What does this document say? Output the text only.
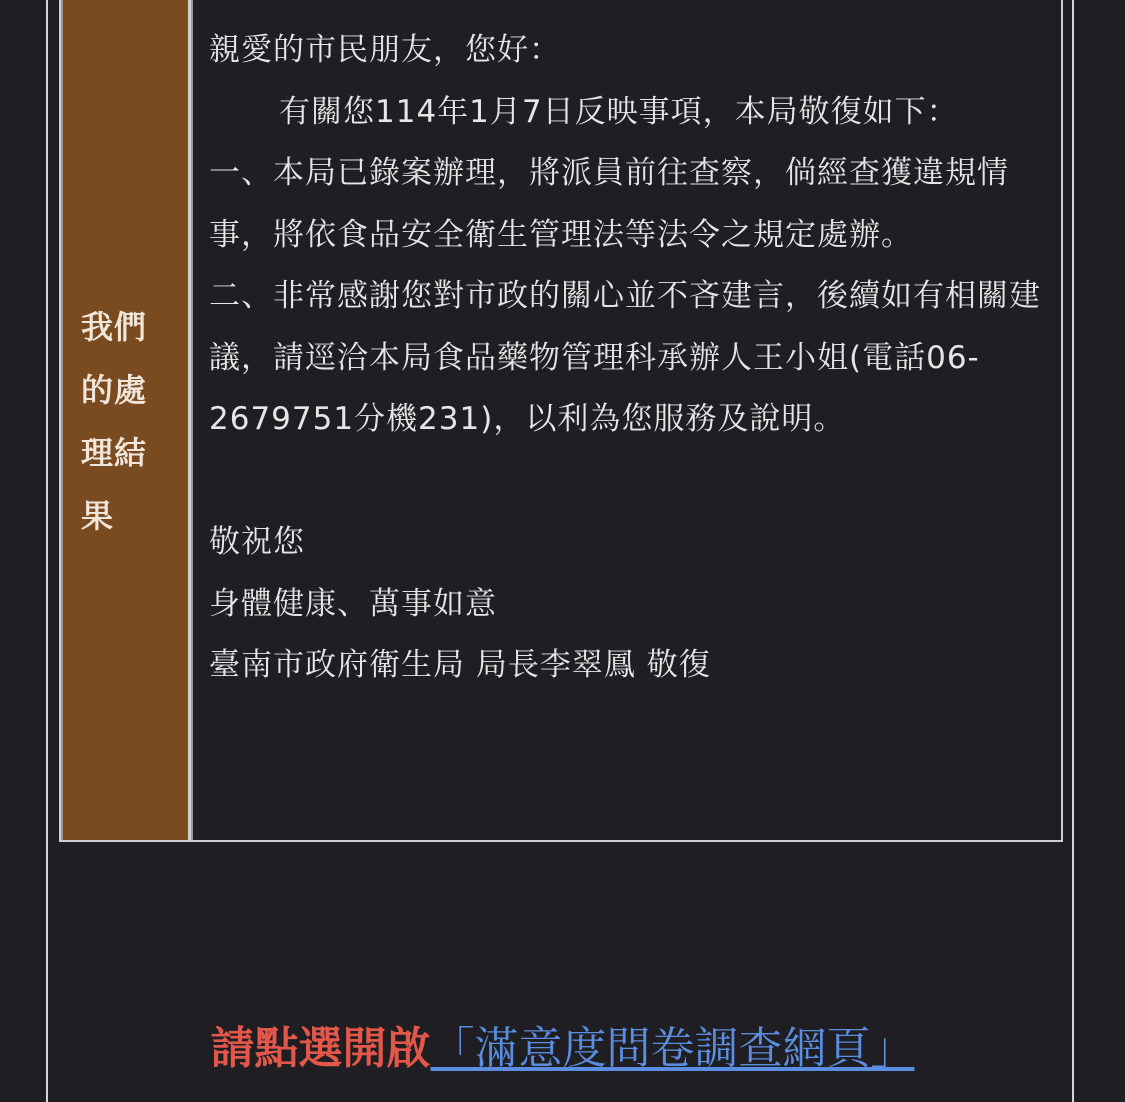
我們的處理結果

親愛的市民朋友，您好：

有關您114年1月7日反映事項，本局敬復如下：

一、本局已錄案辦理，將派員前往查察，倘經查獲違規情事，將依食品安全衛生管理法等法令之規定處辦。

二、非常感謝您對市政的關心並不吝建言，後續如有相關建議，請逕洽本局食品藥物管理科承辦人王小姐(電話06-2679751分機231)，以利為您服務及說明。

敬祝您

身體健康、萬事如意

臺南市政府衛生局 局長李翠鳳 敬復

請點選開啟「滿意度問卷調查網頁」
